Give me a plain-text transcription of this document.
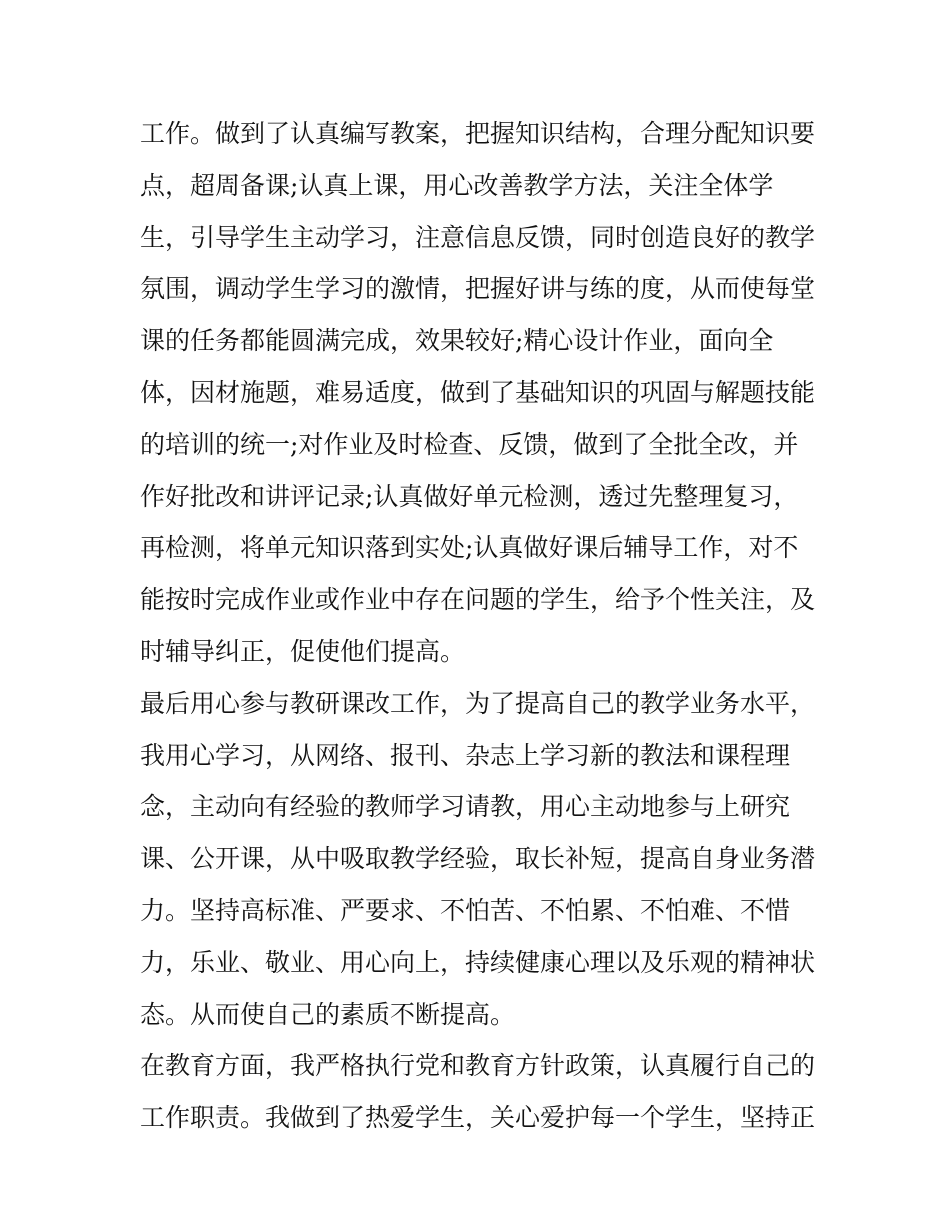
工作。做到了认真编写教案，把握知识结构，合理分配知识要
点，超周备课;认真上课，用心改善教学方法，关注全体学
生，引导学生主动学习，注意信息反馈，同时创造良好的教学
氛围，调动学生学习的激情，把握好讲与练的度，从而使每堂
课的任务都能圆满完成，效果较好;精心设计作业，面向全
体，因材施题，难易适度，做到了基础知识的巩固与解题技能
的培训的统一;对作业及时检查、反馈，做到了全批全改，并
作好批改和讲评记录;认真做好单元检测，透过先整理复习，
再检测，将单元知识落到实处;认真做好课后辅导工作，对不
能按时完成作业或作业中存在问题的学生，给予个性关注，及
时辅导纠正，促使他们提高。
最后用心参与教研课改工作，为了提高自己的教学业务水平，
我用心学习，从网络、报刊、杂志上学习新的教法和课程理
念，主动向有经验的教师学习请教，用心主动地参与上研究
课、公开课，从中吸取教学经验，取长补短，提高自身业务潜
力。坚持高标准、严要求、不怕苦、不怕累、不怕难、不惜
力，乐业、敬业、用心向上，持续健康心理以及乐观的精神状
态。从而使自己的素质不断提高。
在教育方面，我严格执行党和教育方针政策，认真履行自己的
工作职责。我做到了热爱学生，关心爱护每一个学生，坚持正
